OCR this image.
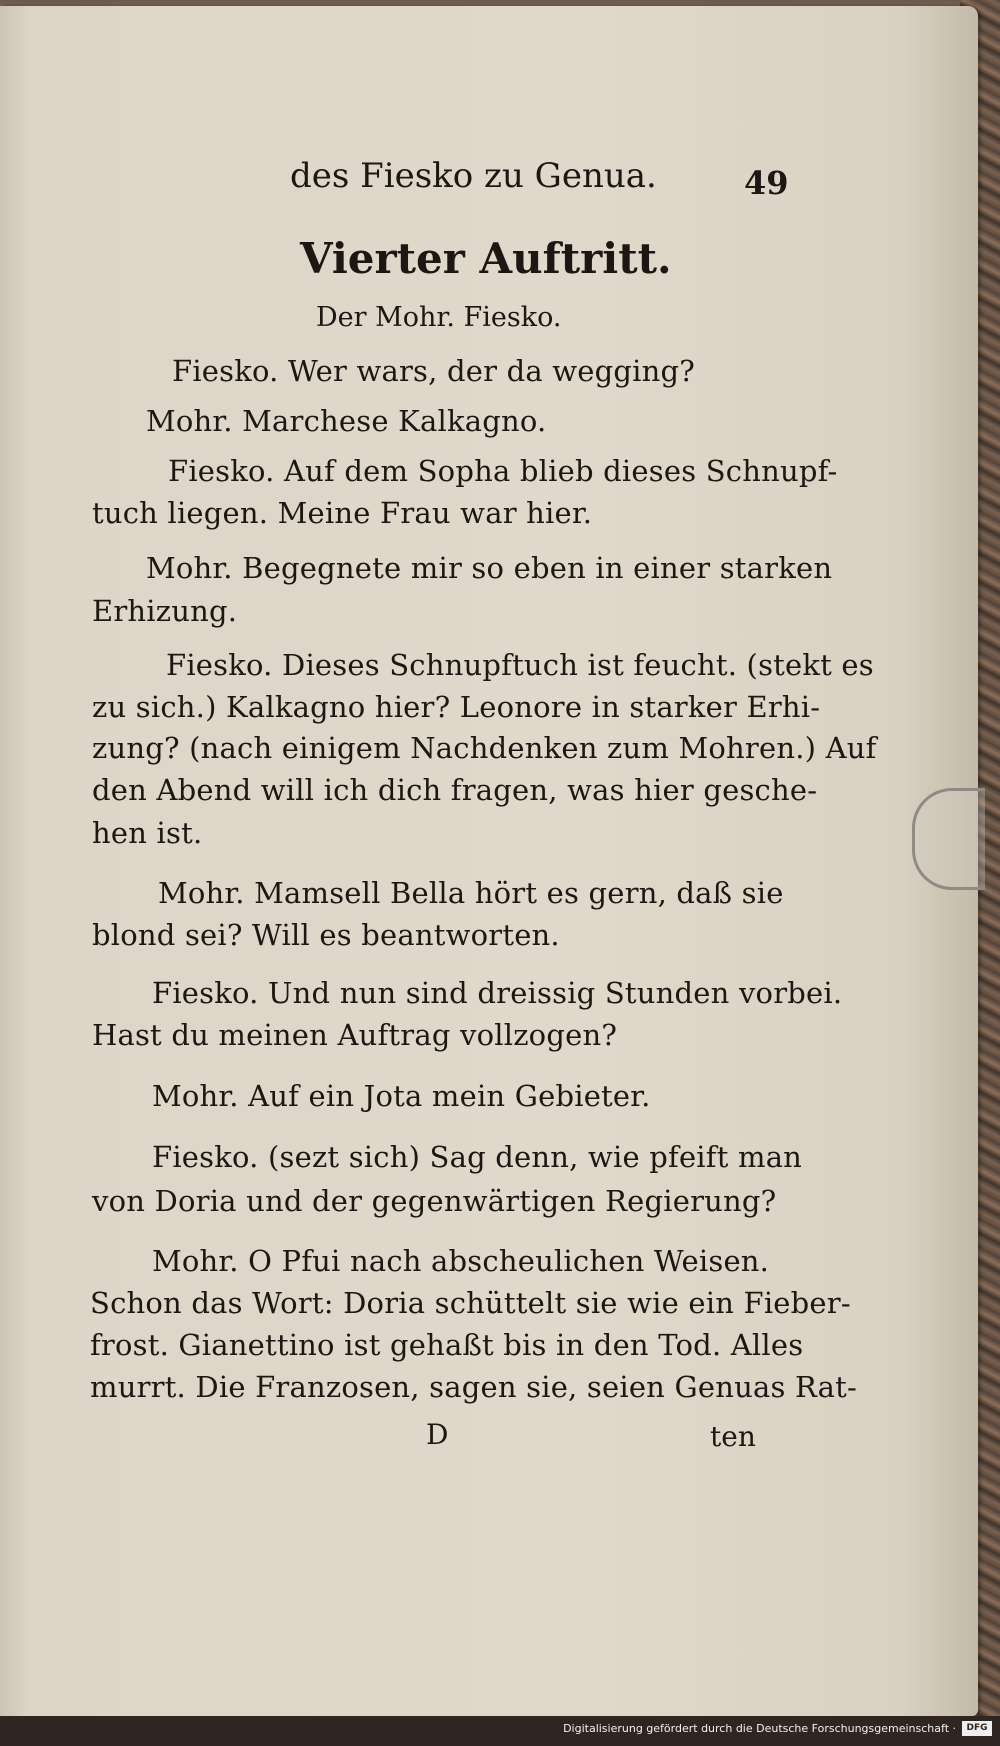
des Fiesko zu Genua.	49
Vierter Auftritt.
Der Mohr. Fiesko.
Fiesko. Wer wars, der da wegging?
Mohr. Marchese Kalkagno.
Fiesko. Auf dem Sopha blieb dieses Schnupf-
tuch liegen. Meine Frau war hier.
Mohr. Begegnete mir so eben in einer starken
Erhizung.
Fiesko. Dieses Schnupftuch ist feucht. (stekt es
zu sich.) Kalkagno hier? Leonore in starker Erhi-
zung? (nach einigem Nachdenken zum Mohren.) Auf
den Abend will ich dich fragen, was hier gesche-
hen ist.
Mohr. Mamsell Bella hört es gern, daß sie
blond sei? Will es beantworten.
Fiesko. Und nun sind dreissig Stunden vorbei.
Hast du meinen Auftrag vollzogen?
Mohr. Auf ein Jota mein Gebieter.
Fiesko. (sezt sich) Sag denn, wie pfeift man
von Doria und der gegenwärtigen Regierung?
Mohr. O Pfui nach abscheulichen Weisen.
Schon das Wort: Doria schüttelt sie wie ein Fieber-
frost. Gianettino ist gehaßt bis in den Tod. Alles
murrt. Die Franzosen, sagen sie, seien Genuas Rat-
D	ten
Digitalisierung gefördert durch die Deutsche Forschungsgemeinschaft ·	DFG
